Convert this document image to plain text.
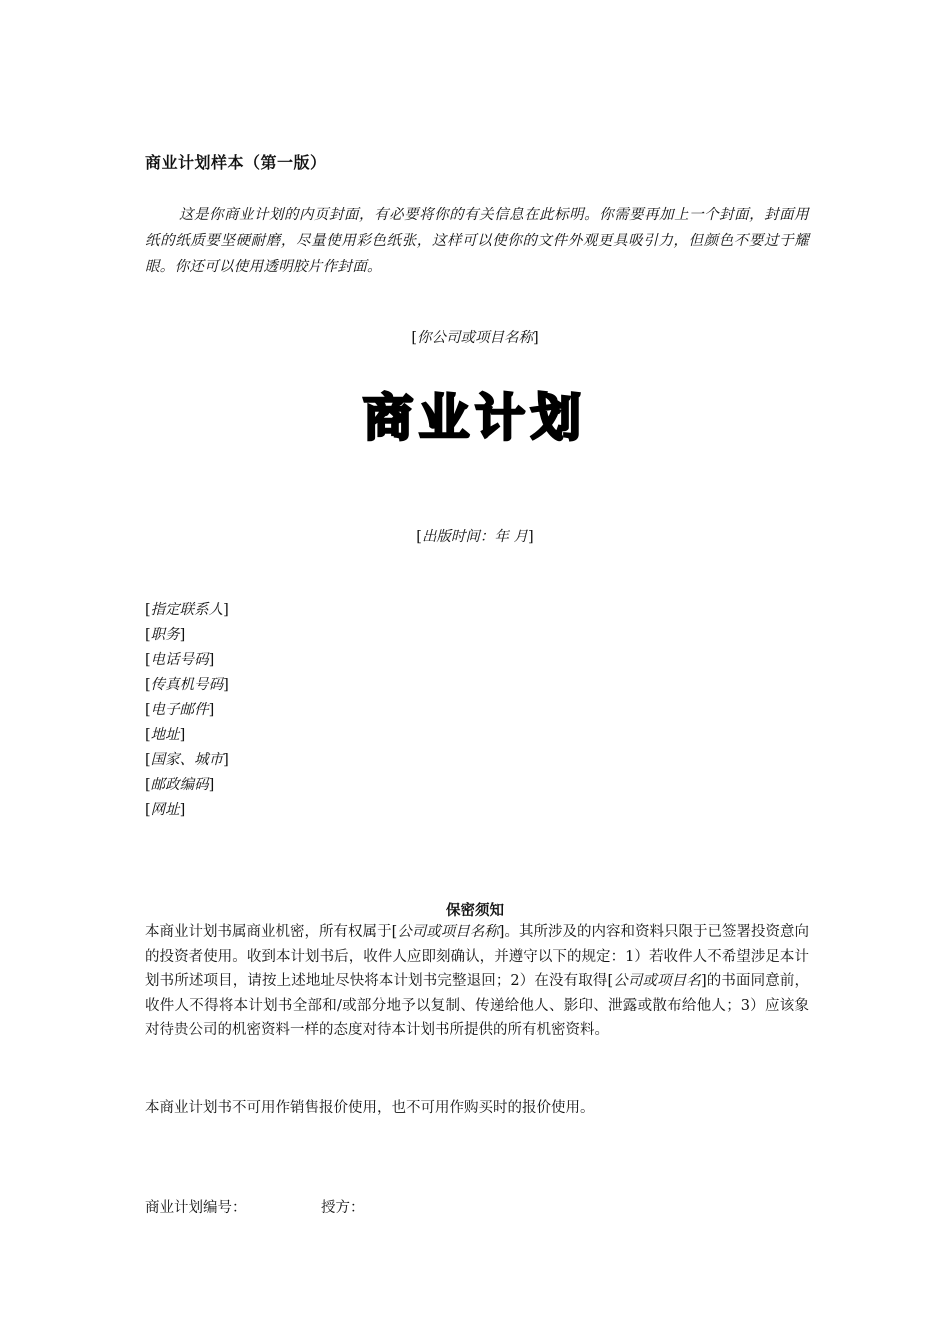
商业计划样本（第一版）
这是你商业计划的内页封面，有必要将你的有关信息在此标明。你需要再加上一个封面，封面用纸的纸质要坚硬耐磨，尽量使用彩色纸张，这样可以使你的文件外观更具吸引力，但颜色不要过于耀眼。你还可以使用透明胶片作封面。
[你公司或项目名称]
商业计划
[出版时间：年 月]
[指定联系人]
[职务]
[电话号码]
[传真机号码]
[电子邮件]
[地址]
[国家、城市]
[邮政编码]
[网址]
保密须知

本商业计划书属商业机密，所有权属于[公司或项目名称]。其所涉及的内容和资料只限于已签署投资意向的投资者使用。收到本计划书后，收件人应即刻确认，并遵守以下的规定：1）若收件人不希望涉足本计划书所述项目，请按上述地址尽快将本计划书完整退回；2）在没有取得[公司或项目名]的书面同意前，收件人不得将本计划书全部和/或部分地予以复制、传递给他人、影印、泄露或散布给他人；3）应该象对待贵公司的机密资料一样的态度对待本计划书所提供的所有机密资料。

本商业计划书不可用作销售报价使用，也不可用作购买时的报价使用。

商业计划编号：	授方：
